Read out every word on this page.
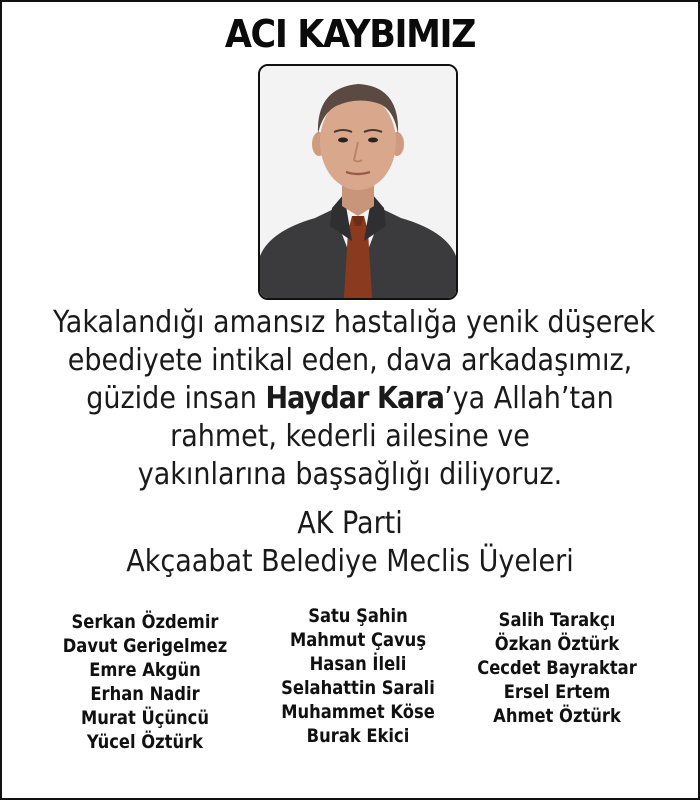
ACI KAYBIMIZ
Yakalandığı amansız hastalığa yenik düşerek
ebediyete intikal eden, dava arkadaşımız,
güzide insan Haydar Kara’ya Allah’tan
rahmet, kederli ailesine ve
yakınlarına başsağlığı diliyoruz.
AK Parti
Akçaabat Belediye Meclis Üyeleri
Serkan Özdemir
Davut Gerigelmez
Emre Akgün
Erhan Nadir
Murat Üçüncü
Yücel Öztürk
Satu Şahin
Mahmut Çavuş
Hasan İleli
Selahattin Sarali
Muhammet Köse
Burak Ekici
Salih Tarakçı
Özkan Öztürk
Cecdet Bayraktar
Ersel Ertem
Ahmet Öztürk
